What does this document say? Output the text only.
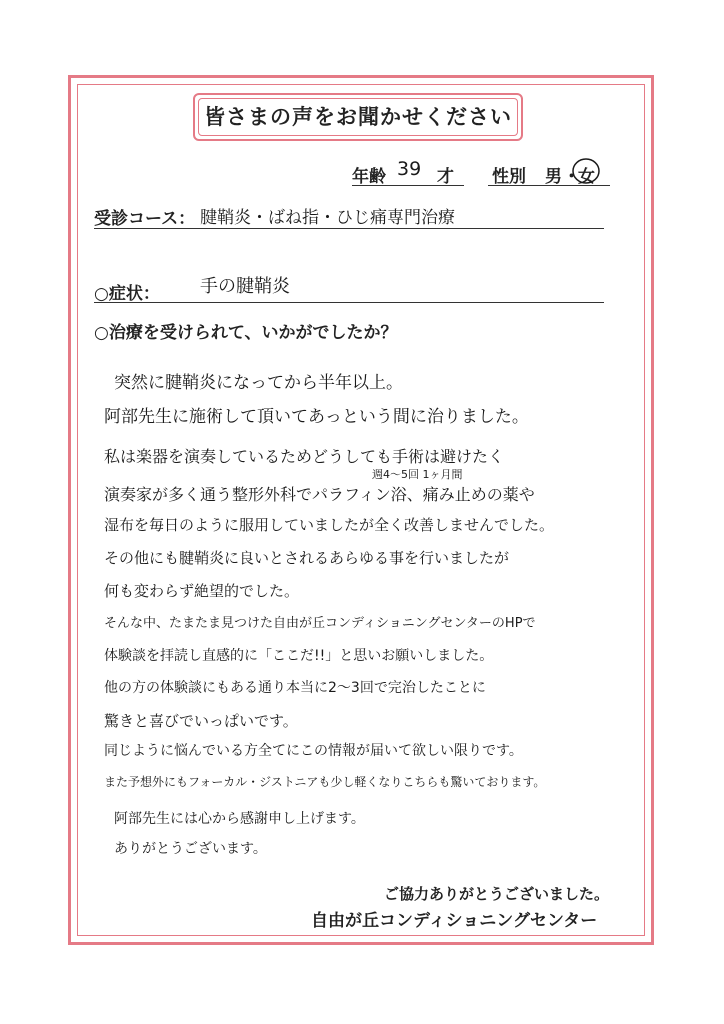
皆さまの声をお聞かせください
年齢 39 才 性別 男 ・
女
受診コース： 腱鞘炎・ばね指・ひじ痛専門治療
○症状： 手の腱鞘炎
○治療を受けられて、いかがでしたか？
週4〜5回 1ヶ月間
突然に腱鞘炎になってから半年以上。
阿部先生に施術して頂いてあっという間に治りました。
私は楽器を演奏しているためどうしても手術は避けたく
演奏家が多く通う整形外科でパラフィン浴、痛み止めの薬や
湿布を毎日のように服用していましたが全く改善しませんでした。
その他にも腱鞘炎に良いとされるあらゆる事を行いましたが
何も変わらず絶望的でした。
そんな中、たまたま見つけた自由が丘コンディショニングセンターのHPで
体験談を拝読し直感的に「ここだ!!」と思いお願いしました。
他の方の体験談にもある通り本当に2〜3回で完治したことに
驚きと喜びでいっぱいです。
同じように悩んでいる方全てにこの情報が届いて欲しい限りです。
また予想外にもフォーカル・ジストニアも少し軽くなりこちらも驚いております。
阿部先生には心から感謝申し上げます。
ありがとうございます。
ご協力ありがとうございました。
自由が丘コンディショニングセンター
